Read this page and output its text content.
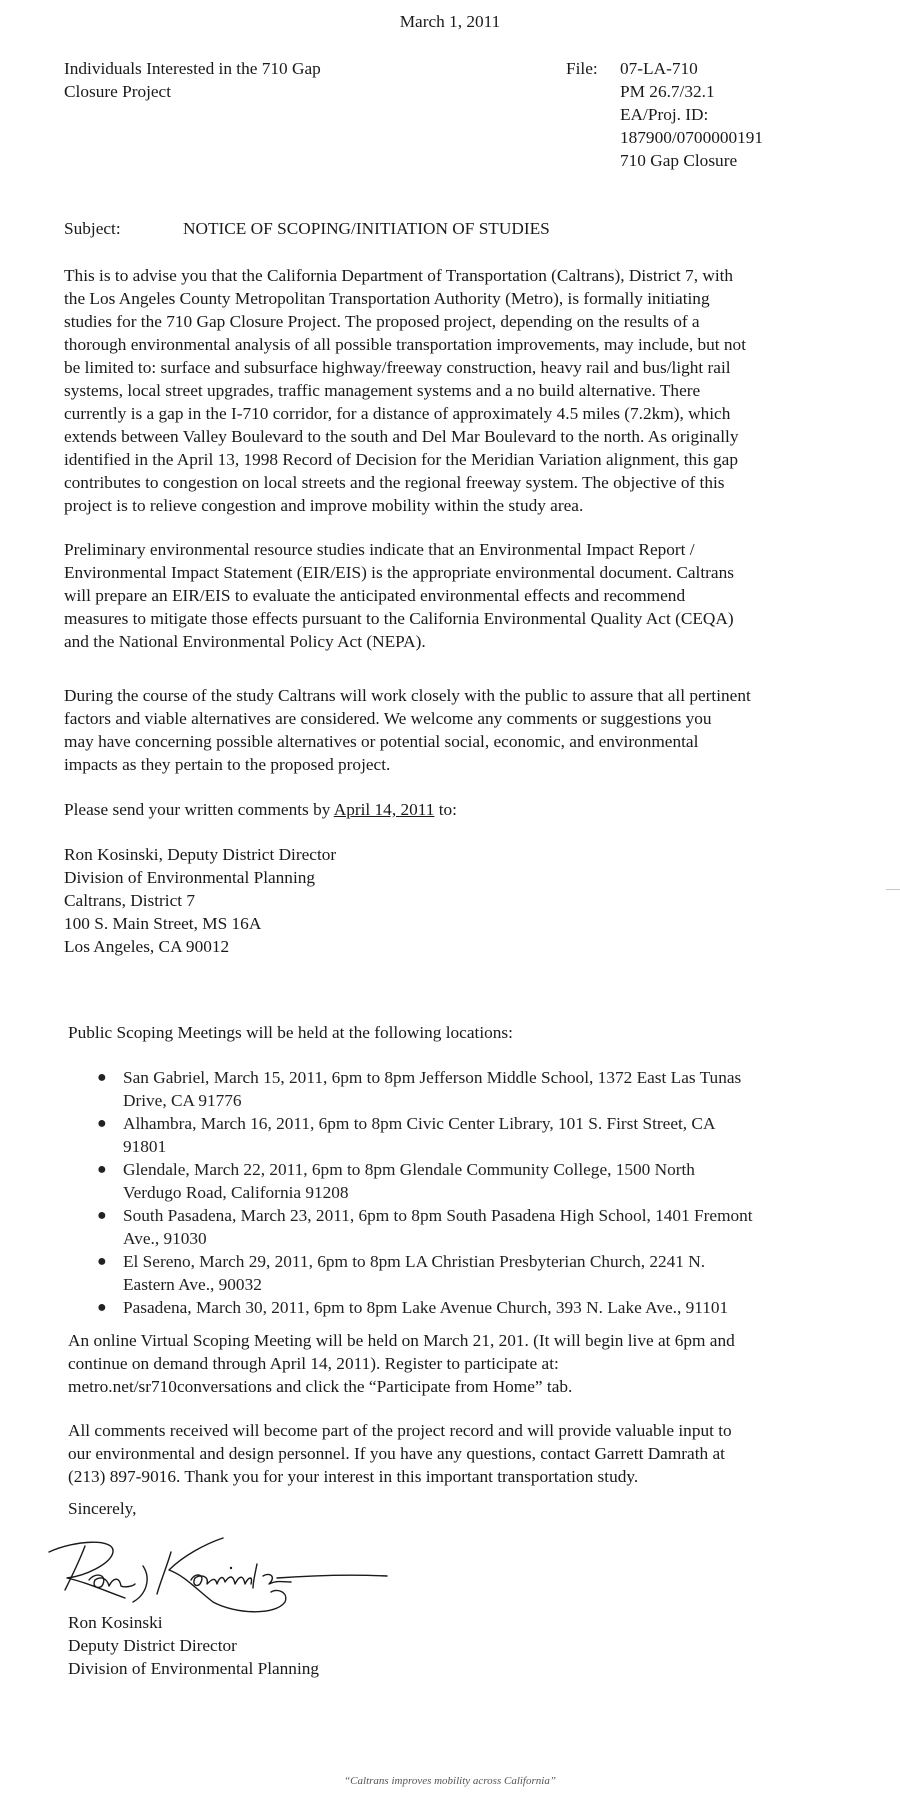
March 1, 2011
Individuals Interested in the 710 Gap
Closure Project
File: 07-LA-710
PM 26.7/32.1
EA/Proj. ID:
187900/0700000191
710 Gap Closure
Subject:	NOTICE OF SCOPING/INITIATION OF STUDIES
This is to advise you that the California Department of Transportation (Caltrans), District 7, with
the Los Angeles County Metropolitan Transportation Authority (Metro), is formally initiating
studies for the 710 Gap Closure Project. The proposed project, depending on the results of a
thorough environmental analysis of all possible transportation improvements, may include, but not
be limited to: surface and subsurface highway/freeway construction, heavy rail and bus/light rail
systems, local street upgrades, traffic management systems and a no build alternative. There
currently is a gap in the I-710 corridor, for a distance of approximately 4.5 miles (7.2km), which
extends between Valley Boulevard to the south and Del Mar Boulevard to the north. As originally
identified in the April 13, 1998 Record of Decision for the Meridian Variation alignment, this gap
contributes to congestion on local streets and the regional freeway system. The objective of this
project is to relieve congestion and improve mobility within the study area.
Preliminary environmental resource studies indicate that an Environmental Impact Report /
Environmental Impact Statement (EIR/EIS) is the appropriate environmental document. Caltrans
will prepare an EIR/EIS to evaluate the anticipated environmental effects and recommend
measures to mitigate those effects pursuant to the California Environmental Quality Act (CEQA)
and the National Environmental Policy Act (NEPA).
During the course of the study Caltrans will work closely with the public to assure that all pertinent
factors and viable alternatives are considered. We welcome any comments or suggestions you
may have concerning possible alternatives or potential social, economic, and environmental
impacts as they pertain to the proposed project.
Please send your written comments by April 14, 2011 to:
Ron Kosinski, Deputy District Director
Division of Environmental Planning
Caltrans, District 7
100 S. Main Street, MS 16A
Los Angeles, CA 90012
Public Scoping Meetings will be held at the following locations:
● San Gabriel, March 15, 2011, 6pm to 8pm Jefferson Middle School, 1372 East Las Tunas
Drive, CA 91776
● Alhambra, March 16, 2011, 6pm to 8pm Civic Center Library, 101 S. First Street, CA
91801
● Glendale, March 22, 2011, 6pm to 8pm Glendale Community College, 1500 North
Verdugo Road, California 91208
● South Pasadena, March 23, 2011, 6pm to 8pm South Pasadena High School, 1401 Fremont
Ave., 91030
● El Sereno, March 29, 2011, 6pm to 8pm LA Christian Presbyterian Church, 2241 N.
Eastern Ave., 90032
● Pasadena, March 30, 2011, 6pm to 8pm Lake Avenue Church, 393 N. Lake Ave., 91101
An online Virtual Scoping Meeting will be held on March 21, 201. (It will begin live at 6pm and
continue on demand through April 14, 2011). Register to participate at:
metro.net/sr710conversations and click the “Participate from Home” tab.
All comments received will become part of the project record and will provide valuable input to
our environmental and design personnel. If you have any questions, contact Garrett Damrath at
(213) 897-9016. Thank you for your interest in this important transportation study.
Sincerely,
Ron Kosinski
Deputy District Director
Division of Environmental Planning
“Caltrans improves mobility across California”
